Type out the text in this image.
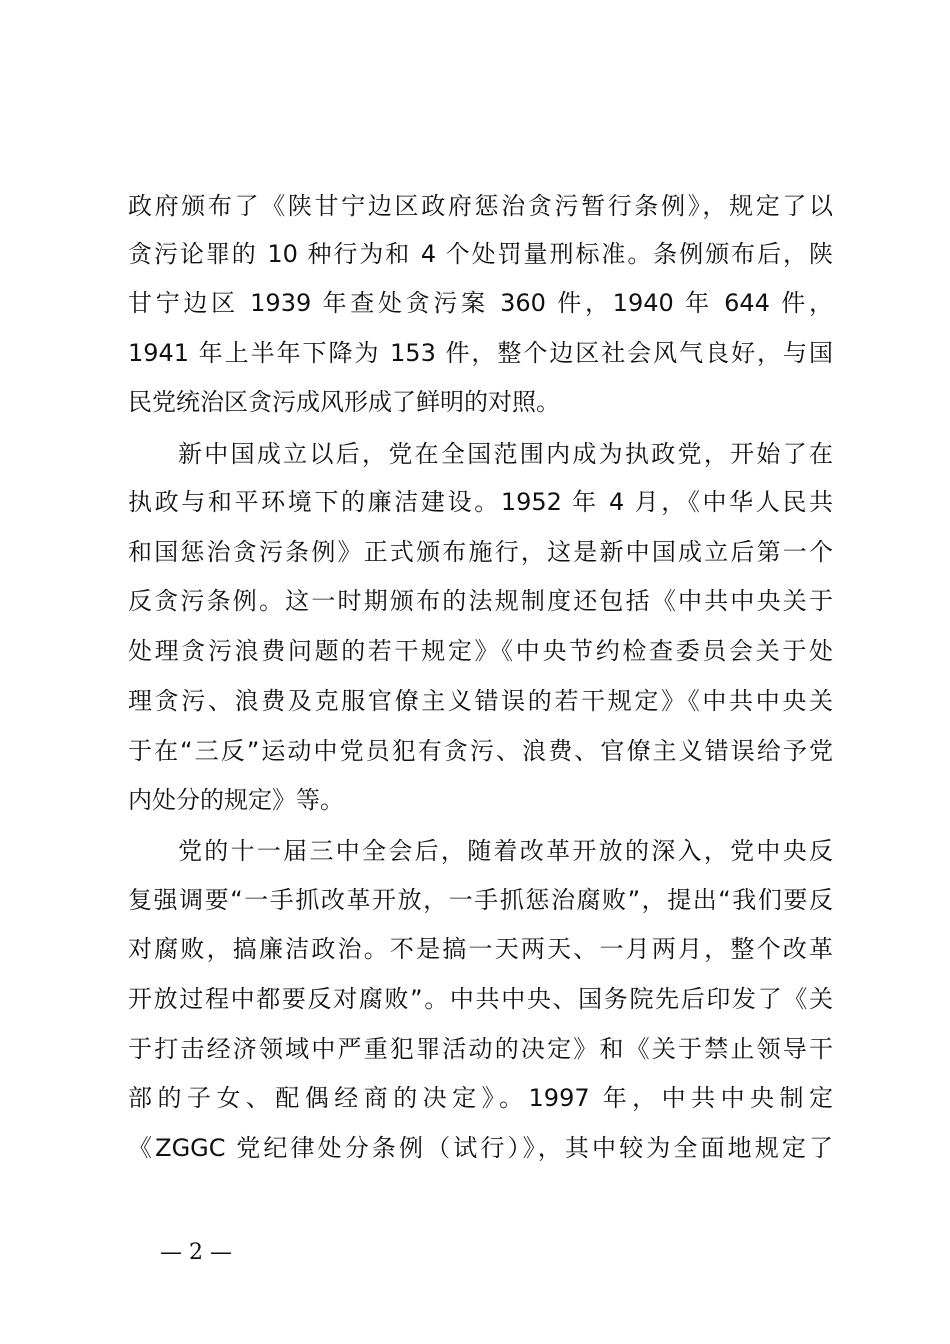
政府颁布了《陕甘宁边区政府惩治贪污暂行条例》，规定了以
贪污论罪的 10 种行为和 4 个处罚量刑标准。条例颁布后，陕
甘宁边区 1939 年查处贪污案 360 件，1940 年 644 件，
1941 年上半年下降为 153 件，整个边区社会风气良好，与国
民党统治区贪污成风形成了鲜明的对照。
新中国成立以后，党在全国范围内成为执政党，开始了在
执政与和平环境下的廉洁建设。1952 年 4 月，《中华人民共
和国惩治贪污条例》正式颁布施行，这是新中国成立后第一个
反贪污条例。这一时期颁布的法规制度还包括《中共中央关于
处理贪污浪费问题的若干规定》《中央节约检查委员会关于处
理贪污、浪费及克服官僚主义错误的若干规定》《中共中央关
于在“三反”运动中党员犯有贪污、浪费、官僚主义错误给予党
内处分的规定》等。
党的十一届三中全会后，随着改革开放的深入，党中央反
复强调要“一手抓改革开放，一手抓惩治腐败”，提出“我们要反
对腐败，搞廉洁政治。不是搞一天两天、一月两月，整个改革
开放过程中都要反对腐败”。中共中央、国务院先后印发了《关
于打击经济领域中严重犯罪活动的决定》和《关于禁止领导干
部的子女、配偶经商的决定》。1997 年，中共中央制定
《ZGGC 党纪律处分条例（试行）》，其中较为全面地规定了
— 2 —
